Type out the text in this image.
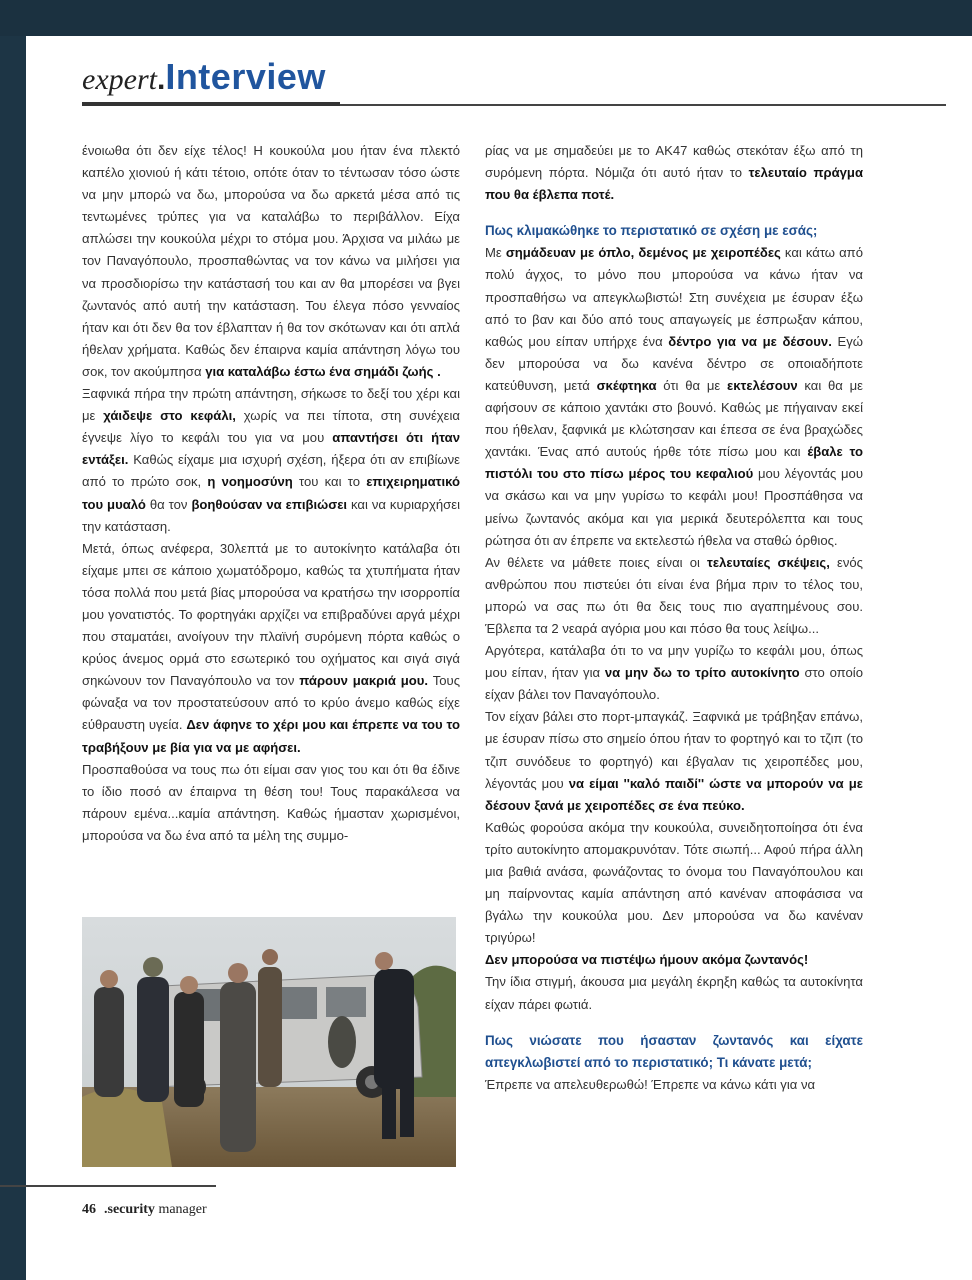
expert . Interview

ένοιωθα ότι δεν είχε τέλος! Η κουκούλα μου ήταν ένα πλεκτό καπέλο χιονιού ή κάτι τέτοιο, οπότε όταν το τέντωσαν τόσο ώστε να μην μπορώ να δω, μπορούσα να δω αρκετά μέσα από τις τεντωμένες τρύπες για να καταλάβω το περιβάλλον. Είχα απλώσει την κουκούλα μέχρι το στόμα μου. Άρχισα να μιλάω με τον Παναγόπουλο, προσπαθώντας να τον κάνω να μιλήσει για να προσδιορίσω την κατάστασή του και αν θα μπορέσει να βγει ζωντανός από αυτή την κατάσταση. Του έλεγα πόσο γενναίος ήταν και ότι δεν θα τον έβλαπταν ή θα τον σκότωναν και ότι απλά ήθελαν χρήματα. Καθώς δεν έπαιρνα καμία απάντηση λόγω του σοκ, τον ακούμπησα για καταλάβω έστω ένα σημάδι ζωής .

Ξαφνικά πήρα την πρώτη απάντηση, σήκωσε το δεξί του χέρι και με χάιδεψε στο κεφάλι, χωρίς να πει τίποτα, στη συνέχεια έγνεψε λίγο το κεφάλι του για να μου απαντήσει ότι ήταν εντάξει. Καθώς είχαμε μια ισχυρή σχέση, ήξερα ότι αν επιβίωνε από το πρώτο σοκ, η νοημοσύνη του και το επιχειρηματικό του μυαλό θα τον βοηθούσαν να επιβιώσει και να κυριαρχήσει την κατάσταση.

Μετά, όπως ανέφερα, 30λεπτά με το αυτοκίνητο κατάλαβα ότι είχαμε μπει σε κάποιο χωματόδρομο, καθώς τα χτυπήματα ήταν τόσα πολλά που μετά βίας μπορούσα να κρατήσω την ισορροπία μου γονατιστός. Το φορτηγάκι αρχίζει να επιβραδύνει αργά μέχρι που σταματάει, ανοίγουν την πλαϊνή συρόμενη πόρτα καθώς ο κρύος άνεμος ορμά στο εσωτερικό του οχήματος και σιγά σιγά σηκώνουν τον Παναγόπουλο να τον πάρουν μακριά μου. Τους φώναξα να τον προστατεύσουν από το κρύο άνεμο καθώς είχε εύθραυστη υγεία. Δεν άφηνε το χέρι μου και έπρεπε να του το τραβήξουν με βία για να με αφήσει.

Προσπαθούσα να τους πω ότι είμαι σαν γιος του και ότι θα έδινε το ίδιο ποσό αν έπαιρνα τη θέση του! Τους παρακάλεσα να πάρουν εμένα...καμία απάντηση. Καθώς ήμασταν χωρισμένοι, μπορούσα να δω ένα από τα μέλη της συμμο-

ρίας να με σημαδεύει με το AK47 καθώς στεκόταν έξω από τη συρόμενη πόρτα. Νόμιζα ότι αυτό ήταν το τελευταίο πράγμα που θα έβλεπα ποτέ.

Πως κλιμακώθηκε το περιστατικό σε σχέση με εσάς;

Με σημάδευαν με όπλο, δεμένος με χειροπέδες και κάτω από πολύ άγχος, το μόνο που μπορούσα να κάνω ήταν να προσπαθήσω να απεγκλωβιστώ! Στη συνέχεια με έσυραν έξω από το βαν και δύο από τους απαγωγείς με έσπρωξαν κάπου, καθώς μου είπαν υπήρχε ένα δέντρο για να με δέσουν. Εγώ δεν μπορούσα να δω κανένα δέντρο σε οποιαδήποτε κατεύθυνση, μετά σκέφτηκα ότι θα με εκτελέσουν και θα με αφήσουν σε κάποιο χαντάκι στο βουνό. Καθώς με πήγαιναν εκεί που ήθελαν, ξαφνικά με κλώτσησαν και έπεσα σε ένα βραχώδες χαντάκι. Ένας από αυτούς ήρθε τότε πίσω μου και έβαλε το πιστόλι του στο πίσω μέρος του κεφαλιού μου λέγοντάς μου να σκάσω και να μην γυρίσω το κεφάλι μου! Προσπάθησα να μείνω ζωντανός ακόμα και για μερικά δευτερόλεπτα και τους ρώτησα ότι αν έπρεπε να εκτελεστώ ήθελα να σταθώ όρθιος.

Αν θέλετε να μάθετε ποιες είναι οι τελευταίες σκέψεις, ενός ανθρώπου που πιστεύει ότι είναι ένα βήμα πριν το τέλος του, μπορώ να σας πω ότι θα δεις τους πιο αγαπημένους σου. Έβλεπα τα 2 νεαρά αγόρια μου και πόσο θα τους λείψω...

Αργότερα, κατάλαβα ότι το να μην γυρίζω το κεφάλι μου, όπως μου είπαν, ήταν για να μην δω το τρίτο αυτοκίνητο στο οποίο είχαν βάλει τον Παναγόπουλο.

Τον είχαν βάλει στο πορτ-μπαγκάζ. Ξαφνικά με τράβηξαν επάνω, με έσυραν πίσω στο σημείο όπου ήταν το φορτηγό και το τζιπ (το τζιπ συνόδευε το φορτηγό) και έβγαλαν τις χειροπέδες μου, λέγοντάς μου να είμαι ''καλό παιδί'' ώστε να μπορούν να με δέσουν ξανά με χειροπέδες σε ένα πεύκο.

Καθώς φορούσα ακόμα την κουκούλα, συνειδητοποίησα ότι ένα τρίτο αυτοκίνητο απομακρυνόταν. Τότε σιωπή... Αφού πήρα άλλη μια βαθιά ανάσα, φωνάζοντας το όνομα του Παναγόπουλου και μη παίρνοντας καμία απάντηση από κανέναν αποφάσισα να βγάλω την κουκούλα μου. Δεν μπορούσα να δω κανέναν τριγύρω!

Δεν μπορούσα να πιστέψω ήμουν ακόμα ζωντανός!

Την ίδια στιγμή, άκουσα μια μεγάλη έκρηξη καθώς τα αυτοκίνητα είχαν πάρει φωτιά.

Πως νιώσατε που ήσασταν ζωντανός και είχατε απεγκλωβιστεί από το περιστατικό; Τι κάνατε μετά;

Έπρεπε να απελευθερωθώ! Έπρεπε να κάνω κάτι για να

46 .security manager
